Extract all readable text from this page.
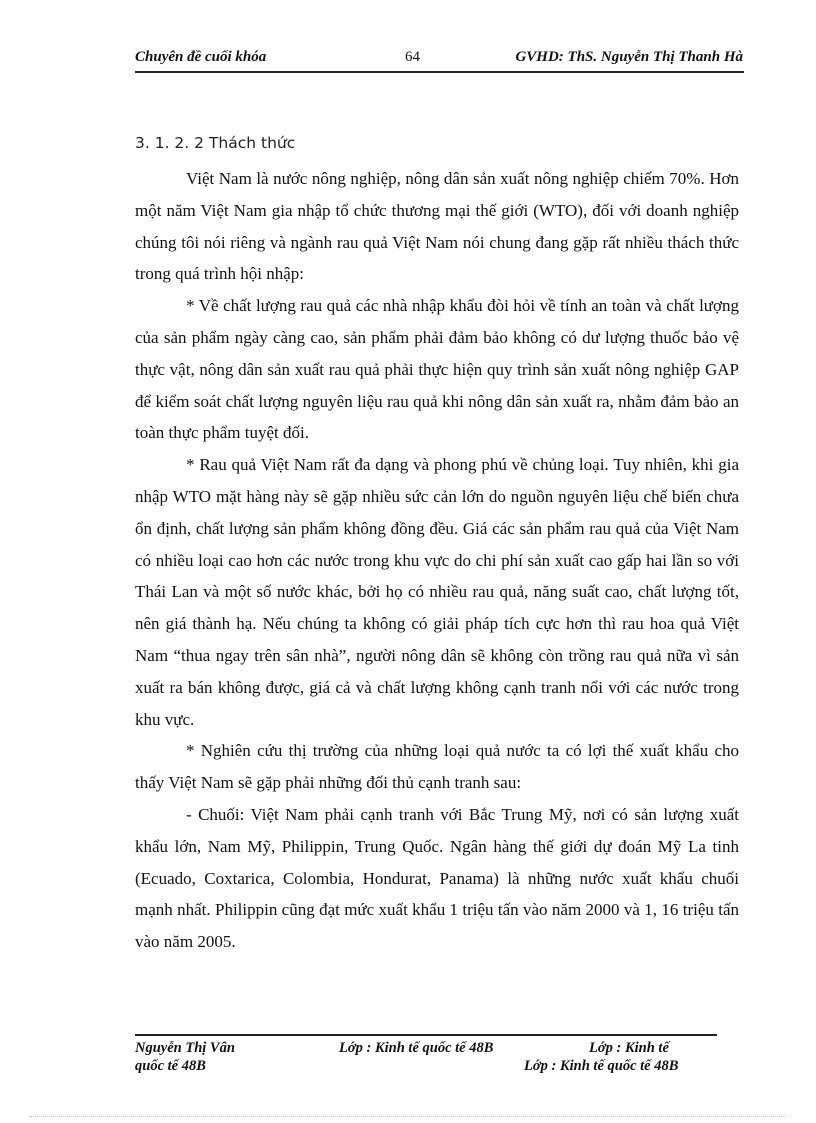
Chuyên đề cuối khóa	64	GVHD: ThS. Nguyễn Thị Thanh Hà
3. 1. 2. 2 Thách thức

Việt Nam là nước nông nghiệp, nông dân sản xuất nông nghiệp chiếm 70%. Hơn một năm Việt Nam gia nhập tổ chức thương mại thế giới (WTO), đối với doanh nghiệp chúng tôi nói riêng và ngành rau quả Việt Nam nói chung đang gặp rất nhiều thách thức trong quá trình hội nhập:

* Về chất lượng rau quả các nhà nhập khẩu đòi hỏi về tính an toàn và chất lượng của sản phẩm ngày càng cao, sản phẩm phải đảm bảo không có dư lượng thuốc bảo vệ thực vật, nông dân sản xuất rau quả phải thực hiện quy trình sản xuất nông nghiệp GAP để kiểm soát chất lượng nguyên liệu rau quả khi nông dân sản xuất ra, nhằm đảm bảo an toàn thực phẩm tuyệt đối.

* Rau quả Việt Nam rất đa dạng và phong phú về chủng loại. Tuy nhiên, khi gia nhập WTO mặt hàng này sẽ gặp nhiều sức cản lớn do nguồn nguyên liệu chế biến chưa ổn định, chất lượng sản phẩm không đồng đều. Giá các sản phẩm rau quả của Việt Nam có nhiều loại cao hơn các nước trong khu vực do chi phí sản xuất cao gấp hai lần so với Thái Lan và một số nước khác, bởi họ có nhiều rau quả, năng suất cao, chất lượng tốt, nên giá thành hạ. Nếu chúng ta không có giải pháp tích cực hơn thì rau hoa quả Việt Nam “thua ngay trên sân nhà”, người nông dân sẽ không còn trồng rau quả nữa vì sản xuất ra bán không được, giá cả và chất lượng không cạnh tranh nổi với các nước trong khu vực.

* Nghiên cứu thị trường của những loại quả nước ta có lợi thế xuất khẩu cho thấy Việt Nam sẽ gặp phải những đối thủ cạnh tranh sau:

- Chuối: Việt Nam phải cạnh tranh với Bắc Trung Mỹ, nơi có sản lượng xuất khẩu lớn, Nam Mỹ, Philippin, Trung Quốc. Ngân hàng thế giới dự đoán Mỹ La tinh (Ecuado, Coxtarica, Colombia, Hondurat, Panama) là những nước xuất khẩu chuối mạnh nhất. Philippin cũng đạt mức xuất khẩu 1 triệu tấn vào năm 2000 và 1, 16 triệu tấn vào năm 2005.

Nguyễn Thị Vân	Lớp : Kinh tế quốc tế 48B	Lớp : Kinh tế
quốc tế 48B	Lớp : Kinh tế quốc tế 48B
